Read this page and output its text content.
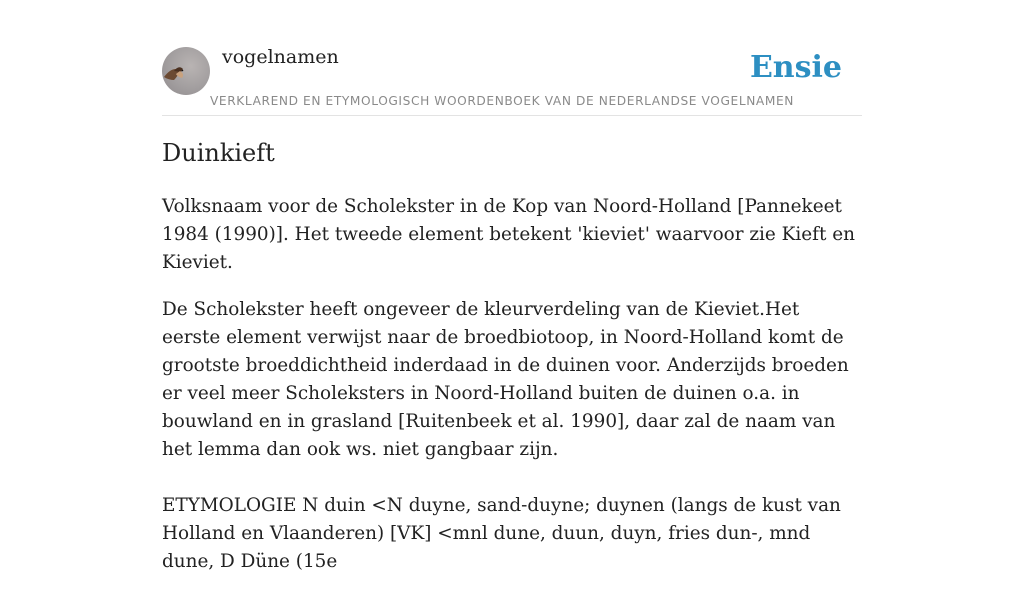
vogelnamen
VERKLAREND EN ETYMOLOGISCH WOORDENBOEK VAN DE NEDERLANDSE VOGELNAMEN
Ensie
Duinkieft

Volksnaam voor de Scholekster in de Kop van Noord-Holland [Pannekeet 1984 (1990)]. Het tweede element betekent 'kieviet' waarvoor zie Kieft en Kieviet.

De Scholekster heeft ongeveer de kleurverdeling van de Kieviet.Het eerste element verwijst naar de broedbiotoop, in Noord-Holland komt de grootste broeddichtheid inderdaad in de duinen voor. Anderzijds broeden er veel meer Scholeksters in Noord-Holland buiten de duinen o.a. in bouwland en in grasland [Ruitenbeek et al. 1990], daar zal de naam van het lemma dan ook ws. niet gangbaar zijn.

ETYMOLOGIE N duin <N duyne, sand-duyne; duynen (langs de kust van Holland en Vlaanderen) [VK] <mnl dune, duun, duyn, fries dun-, mnd dune, D Düne (15e
